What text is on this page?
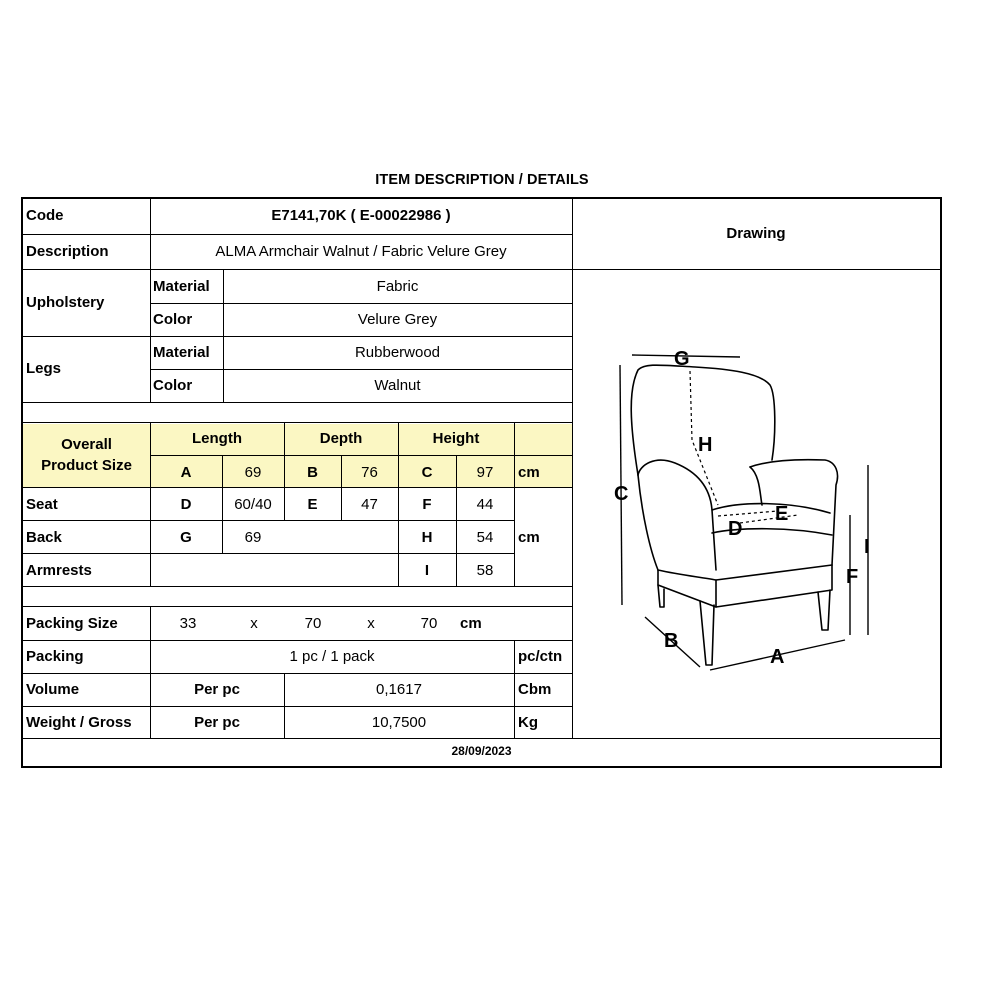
ITEM DESCRIPTION / DETAILS
Code	E7141,70K ( E-00022986 )
Description	ALMA Armchair Walnut / Fabric Velure Grey
Drawing
Upholstery
Material	Fabric
Color	Velure Grey
Legs
Material	Rubberwood
Color	Walnut
Overall
Product Size
Length	Depth	Height
A	69	B	76	C	97	cm
Seat	D	60/40	E	47	F	44
Back	G	69	H	54	cm
Armrests	I	58
Packing Size	33	x	70	x	70	cm
Packing	1 pc / 1 pack	pc/ctn
Volume	Per pc	0,1617	Cbm
Weight / Gross	Per pc	10,7500	Kg
28/09/2023
G
H
C
E
D
I
F
B
A
